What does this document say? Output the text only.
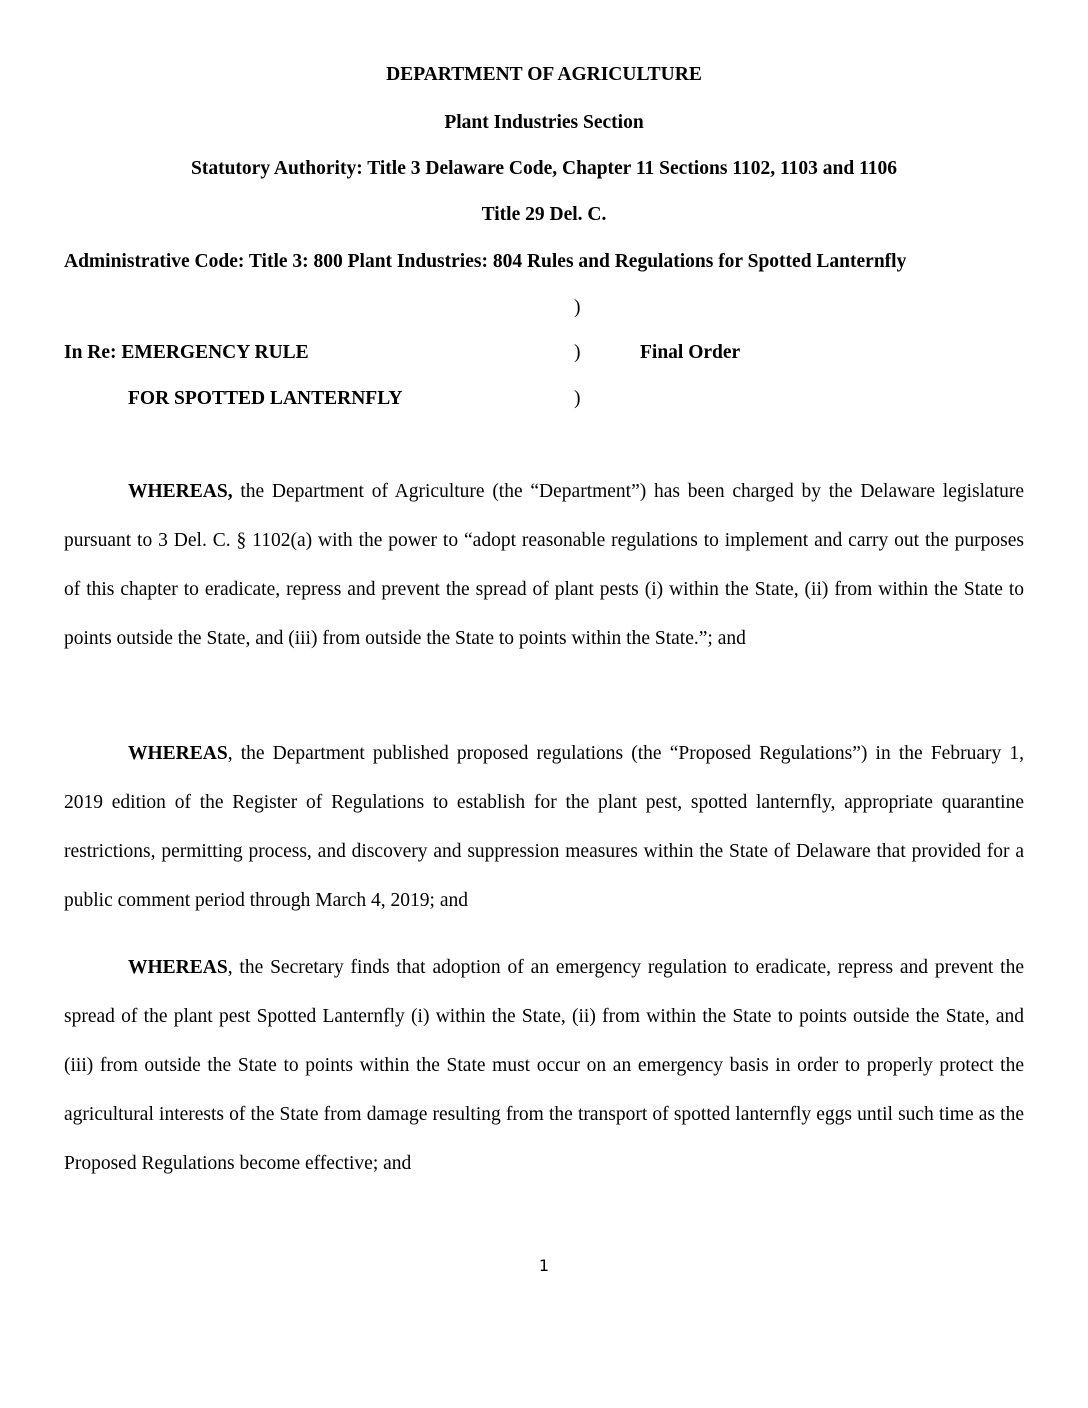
DEPARTMENT OF AGRICULTURE
Plant Industries Section
Statutory Authority: Title 3 Delaware Code, Chapter 11 Sections 1102, 1103 and 1106
Title 29 Del. C.
Administrative Code: Title 3: 800 Plant Industries: 804 Rules and Regulations for Spotted Lanternfly
)
In Re: EMERGENCY RULE	)	Final Order
FOR SPOTTED LANTERNFLY	)
WHEREAS, the Department of Agriculture (the “Department”) has been charged by the Delaware legislature pursuant to 3 Del. C. § 1102(a) with the power to “adopt reasonable regulations to implement and carry out the purposes of this chapter to eradicate, repress and prevent the spread of plant pests (i) within the State, (ii) from within the State to points outside the State, and (iii) from outside the State to points within the State.”; and
WHEREAS, the Department published proposed regulations (the “Proposed Regulations”) in the February 1, 2019 edition of the Register of Regulations to establish for the plant pest, spotted lanternfly, appropriate quarantine restrictions, permitting process, and discovery and suppression measures within the State of Delaware that provided for a public comment period through March 4, 2019; and
WHEREAS, the Secretary finds that adoption of an emergency regulation to eradicate, repress and prevent the spread of the plant pest Spotted Lanternfly (i) within the State, (ii) from within the State to points outside the State, and (iii) from outside the State to points within the State must occur on an emergency basis in order to properly protect the agricultural interests of the State from damage resulting from the transport of spotted lanternfly eggs until such time as the Proposed Regulations become effective; and
1
